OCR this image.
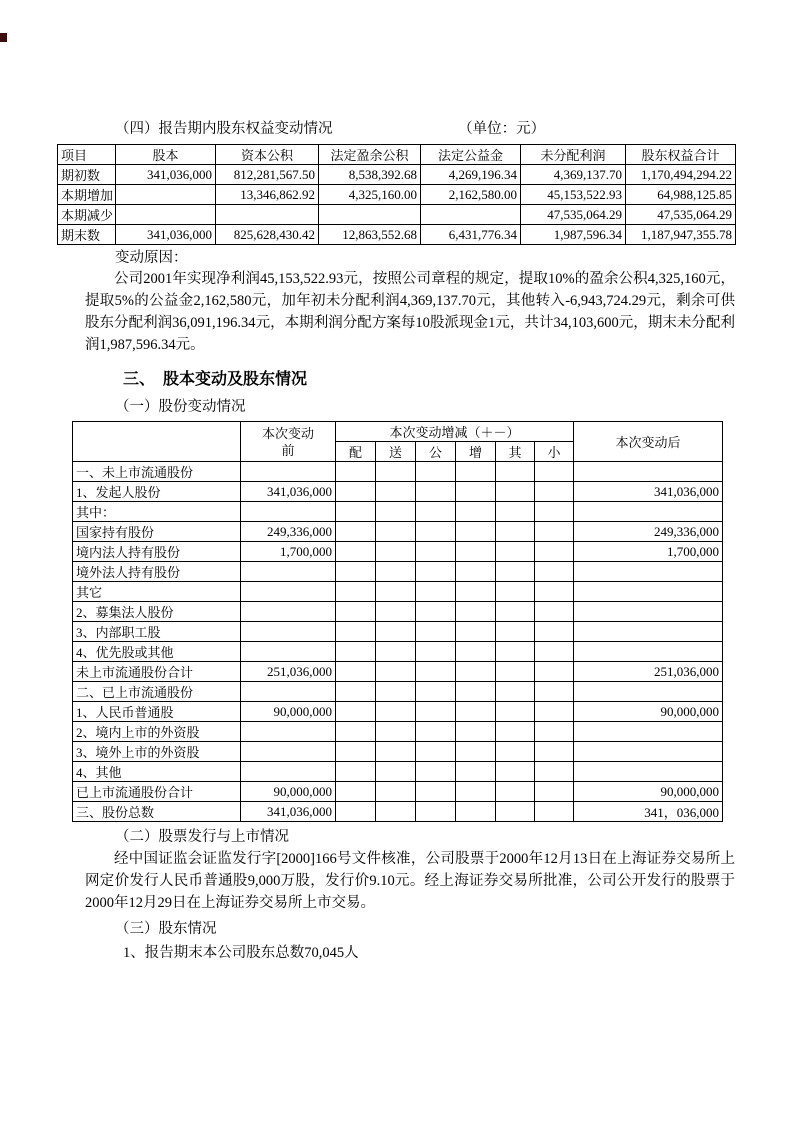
（四）报告期内股东权益变动情况	（单位：元）
项目	股本	资本公积	法定盈余公积	法定公益金	未分配利润	股东权益合计
期初数	341,036,000	812,281,567.50	8,538,392.68	4,269,196.34	4,369,137.70	1,170,494,294.22
本期增加		13,346,862.92	4,325,160.00	2,162,580.00	45,153,522.93	64,988,125.85
本期减少					47,535,064.29	47,535,064.29
期末数	341,036,000	825,628,430.42	12,863,552.68	6,431,776.34	1,987,596.34	1,187,947,355.78
变动原因：

公司2001年实现净利润45,153,522.93元，按照公司章程的规定，提取10%的盈余公积4,325,160元，提取5%的公益金2,162,580元，加年初未分配利润4,369,137.70元，其他转入-6,943,724.29元，剩余可供股东分配利润36,091,196.34元，本期利润分配方案每10股派现金1元，共计34,103,600元，期末未分配利润1,987,596.34元。

三、　股本变动及股东情况
（一）股份变动情况
	本次变动前	本次变动增减（＋－）						本次变动后
		配	送	公	增	其	小	
一、未上市流通股份								
1、发起人股份	341,036,000							341,036,000
其中：								
国家持有股份	249,336,000							249,336,000
境内法人持有股份	1,700,000							1,700,000
境外法人持有股份								
其它								
2、募集法人股份								
3、内部职工股								
4、优先股或其他								
未上市流通股份合计	251,036,000							251,036,000
二、已上市流通股份								
1、人民币普通股	90,000,000							90,000,000
2、境内上市的外资股								
3、境外上市的外资股								
4、其他								
已上市流通股份合计	90,000,000							90,000,000
三、股份总数	341,036,000							341，036,000
（二）股票发行与上市情况

经中国证监会证监发行字[2000]166号文件核准，公司股票于2000年12月13日在上海证券交易所上网定价发行人民币普通股9,000万股，发行价9.10元。经上海证券交易所批准，公司公开发行的股票于2000年12月29日在上海证券交易所上市交易。

（三）股东情况
1、报告期末本公司股东总数70,045人
